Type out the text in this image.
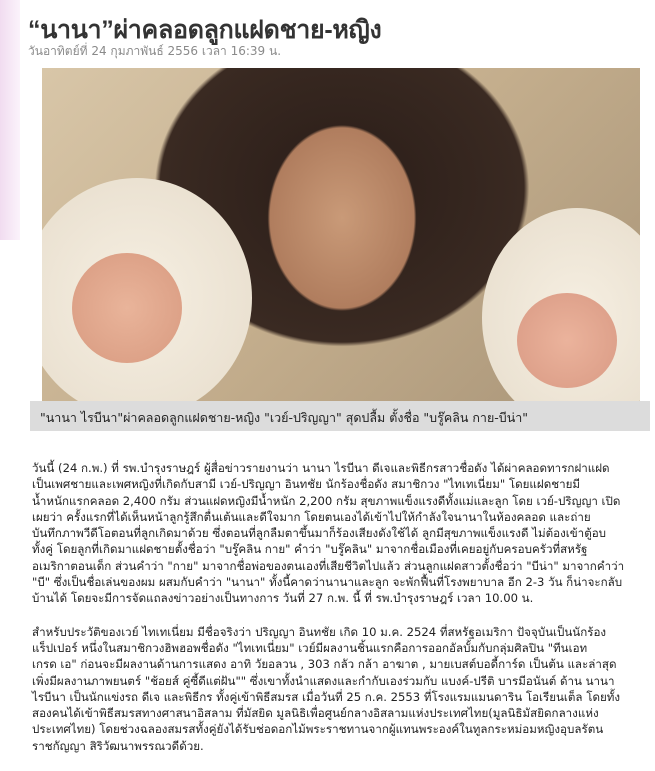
“นานา”ผ่าคลอดลูกแฝดชาย-หญิง
วันอาทิตย์ที่ 24 กุมภาพันธ์ 2556 เวลา 16:39 น.
"นานา ไรบีนา"ผ่าคลอดลูกแฝดชาย-หญิง "เวย์-ปริญญา" สุดปลื้ม ตั้งชื่อ "บรู๊คลิน กาย-บีน่า"

วันนี้ (24 ก.พ.) ที่ รพ.บำรุงราษฎร์ ผู้สื่อข่าวรายงานว่า นานา ไรบีนา ดีเจและพิธีกรสาวชื่อดัง ได้ผ่าคลอดทารกฝาแฝด
เป็นเพศชายและเพศหญิงที่เกิดกับสามี เวย์-ปริญญา อินทชัย นักร้องชื่อดัง สมาชิกวง "ไทเทเนี่ยม" โดยแฝดชายมี
น้ำหนักแรกคลอด 2,400 กรัม ส่วนแฝดหญิงมีน้ำหนัก 2,200 กรัม สุขภาพแข็งแรงดีทั้งแม่และลูก โดย เวย์-ปริญญา เปิด
เผยว่า ครั้งแรกที่ได้เห็นหน้าลูกรู้สึกตื่นเต้นและดีใจมาก โดยตนเองได้เข้าไปให้กำลังใจนานาในห้องคลอด และถ่าย
บันทึกภาพวีดีโอตอนที่ลูกเกิดมาด้วย ซึ่งตอนที่ลูกลืมตาขึ้นมาก็ร้องเสียงดังใช้ได้ ลูกมีสุขภาพแข็งแรงดี ไม่ต้องเข้าตู้อบ
ทั้งคู่ โดยลูกที่เกิดมาแฝดชายตั้งชื่อว่า "บรู๊คลิน กาย" คำว่า "บรู๊คลิน" มาจากชื่อเมืองที่เคยอยู่กับครอบครัวที่สหรัฐ
อเมริกาตอนเด็ก ส่วนคำว่า "กาย" มาจากชื่อพ่อของตนเองที่เสียชีวิตไปแล้ว ส่วนลูกแฝดสาวตั้งชื่อว่า "บีน่า" มาจากคำว่า
"บี" ซึ่งเป็นชื่อเล่นของผม ผสมกับคำว่า "นานา" ทั้งนี้คาดว่านานาและลูก จะพักฟื้นที่โรงพยาบาล อีก 2-3 วัน ก็น่าจะกลับ
บ้านได้ โดยจะมีการจัดแถลงข่าวอย่างเป็นทางการ วันที่ 27 ก.พ. นี้ ที่ รพ.บำรุงราษฎร์ เวลา 10.00 น.

สำหรับประวัติของเวย์ ไทเทเนี่ยม มีชื่อจริงว่า ปริญญา อินทชัย เกิด 10 ม.ค. 2524 ที่สหรัฐอเมริกา ปัจจุบันเป็นนักร้อง
แร็ปเปอร์ หนึ่งในสมาชิกวงฮิพฮอพชื่อดัง "ไทเทเนี่ยม" เวย์มีผลงานชิ้นแรกคือการออกอัลบั้มกับกลุ่มศิลปิน "ทีนเอท
เกรด เอ" ก่อนจะมีผลงานด้านการแสดง อาทิ วัยอลวน , 303 กลัว กล้า อาฆาต , มายเบสต์บอดี้การ์ด เป็นต้น และล่าสุด
เพิ่งมีผลงานภาพยนตร์ "ช้อยส์ คู่ซี้ดีแต่ฝัน"" ซึ่งเขาทั้งนำแสดงและกำกับเองร่วมกับ แบงค์-ปรีติ บารมีอนันต์ ด้าน นานา
ไรบีนา เป็นนักแข่งรถ ดีเจ และพิธีกร ทั้งคู่เข้าพิธีสมรส เมื่อวันที่ 25 ก.ค. 2553 ที่โรงแรมแมนดาริน โอเรียนเต็ล โดยทั้ง
สองคนได้เข้าพิธีสมรสทางศาสนาอิสลาม ที่มัสยิด มูลนิธิเพื่อศูนย์กลางอิสลามแห่งประเทศไทย(มูลนิธิมัสยิดกลางแห่ง
ประเทศไทย) โดยช่วงฉลองสมรสทั้งคู่ยังได้รับช่อดอกไม้พระราชทานจากผู้แทนพระองค์ในทูลกระหม่อมหญิงอุบลรัตน
ราชกัญญา สิริวัฒนาพรรณวดีด้วย.
